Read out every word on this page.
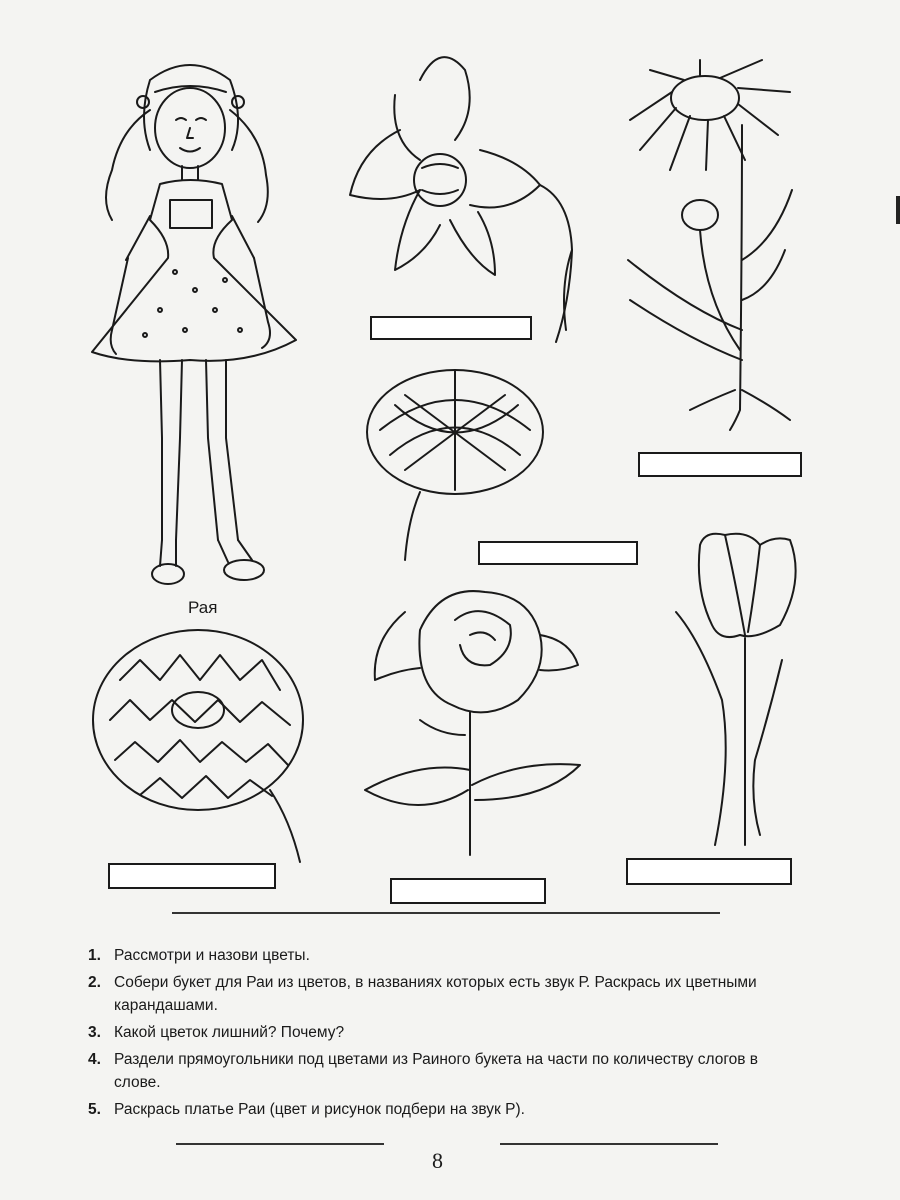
Рая
1. Рассмотри и назови цветы.
2. Собери букет для Раи из цветов, в названиях которых есть звук Р. Раскрась их цветными карандашами.
3. Какой цветок лишний? Почему?
4. Раздели прямоугольники под цветами из Раиного букета на части по количеству слогов в слове.
5. Раскрась платье Раи (цвет и рисунок подбери на звук Р).
8
